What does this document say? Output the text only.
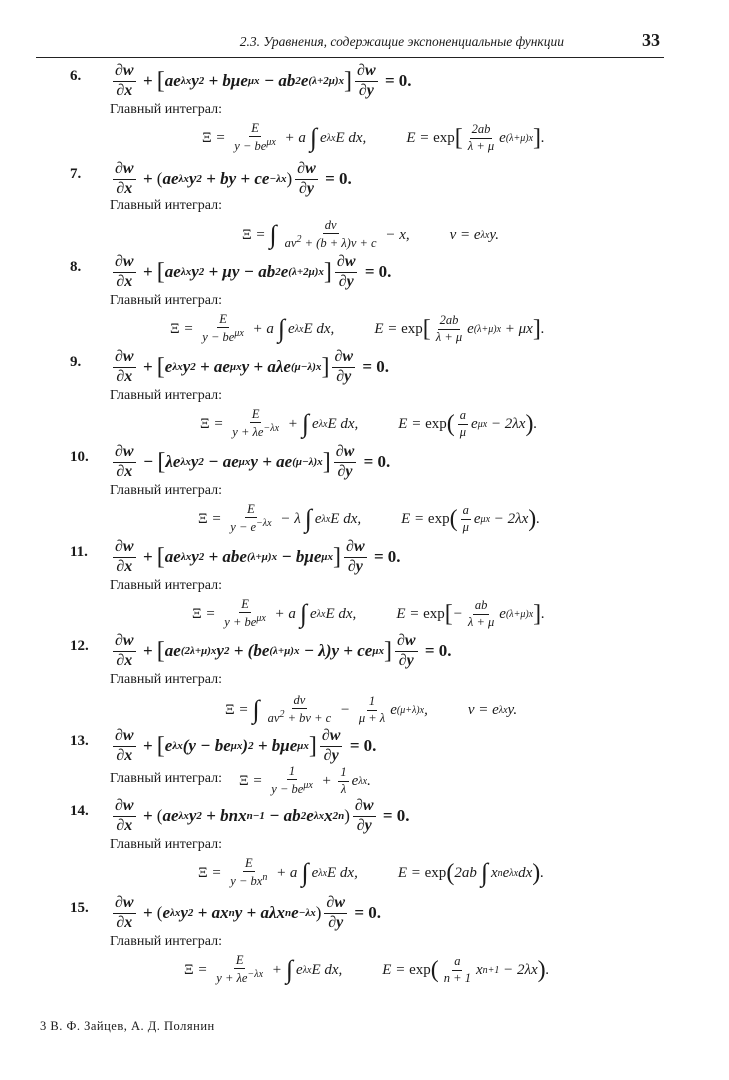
2.3. Уравнения, содержащие экспоненциальные функции	33
6. $\frac{\partial w}{\partial x}$ + [ ae λx y 2 + bμe μx − ab 2 e (λ+2μ)x ] $\frac{\partial w}{\partial y} = 0$.
Главный интеграл:
$\Xi = \frac{E}{y - be^{\mu x}} + a$ ∫ e λx E dx,	E = exp [ $\frac{2ab}{\lambda + \mu}$ e (λ+μ)x ] .
7. $\frac{\partial w}{\partial x}$ + ( ae λx y 2 + by + ce −λx ) $\frac{\partial w}{\partial y} = 0$.
Главный интеграл:
Ξ = ∫ $\frac{dv}{av^2 + (b + \lambda)v + c} - x$,	v = e λx y.
8. $\frac{\partial w}{\partial x}$ + [ ae λx y 2 + μy − ab 2 e (λ+2μ)x ] $\frac{\partial w}{\partial y} = 0$.
Главный интеграл:
$\Xi = \frac{E}{y - be^{\mu x}} + a$ ∫ e λx E dx,	E = exp [ $\frac{2ab}{\lambda + \mu}$ e (λ+μ)x + μx ] .
9. $\frac{\partial w}{\partial x}$ + [ e λx y 2 + ae μx y + aλe (μ−λ)x ] $\frac{\partial w}{\partial y} = 0$.
Главный интеграл:
$\Xi = \frac{E}{y + \lambda e^{-\lambda x}}$ + ∫ e λx E dx,	E = exp ( $\frac{a}{\mu}$ e μx − 2λx ) .
10. $\frac{\partial w}{\partial x}$ − [ λe λx y 2 − ae μx y + ae (μ−λ)x ] $\frac{\partial w}{\partial y} = 0$.
Главный интеграл:
$\Xi = \frac{E}{y - e^{-\lambda x}} - \lambda$ ∫ e λx E dx,	E = exp ( $\frac{a}{\mu}$ e μx − 2λx ) .
11. $\frac{\partial w}{\partial x}$ + [ ae λx y 2 + abe (λ+μ)x − bμe μx ] $\frac{\partial w}{\partial y} = 0$.
Главный интеграл:
$\Xi = \frac{E}{y + be^{\mu x}} + a$ ∫ e λx E dx,	E = exp [ − $\frac{ab}{\lambda + \mu}$ e (λ+μ)x ] .
12. $\frac{\partial w}{\partial x}$ + [ ae (2λ+μ)x y 2 + (be (λ+μ)x − λ)y + ce μx ] $\frac{\partial w}{\partial y} = 0$.
Главный интеграл:
Ξ = ∫ $\frac{dv}{av^2 + bv + c} - \frac{1}{\mu + \lambda}$ e (μ+λ)x ,	v = e λx y.
13. $\frac{\partial w}{\partial x}$ + [ e λx (y − be μx ) 2 + bμe μx ] $\frac{\partial w}{\partial y} = 0$.
Главный интеграл: $\Xi = \frac{1}{y - be^{\mu x}} + \frac{1}{\lambda}$ e λx .
14. $\frac{\partial w}{\partial x}$ + ( ae λx y 2 + bnx n−1 − ab 2 e λx x 2n ) $\frac{\partial w}{\partial y} = 0$.
Главный интеграл:
$\Xi = \frac{E}{y - bx^n} + a$ ∫ e λx E dx,	E = exp ( 2ab ∫ x n e λx dx ) .
15. $\frac{\partial w}{\partial x}$ + ( e λx y 2 + ax n y + aλx n e −λx ) $\frac{\partial w}{\partial y} = 0$.
Главный интеграл:
$\Xi = \frac{E}{y + \lambda e^{-\lambda x}}$ + ∫ e λx E dx,	E = exp ( $\frac{a}{n + 1}$ x n+1 − 2λx ) .
3 В. Ф. Зайцев, А. Д. Полянин
